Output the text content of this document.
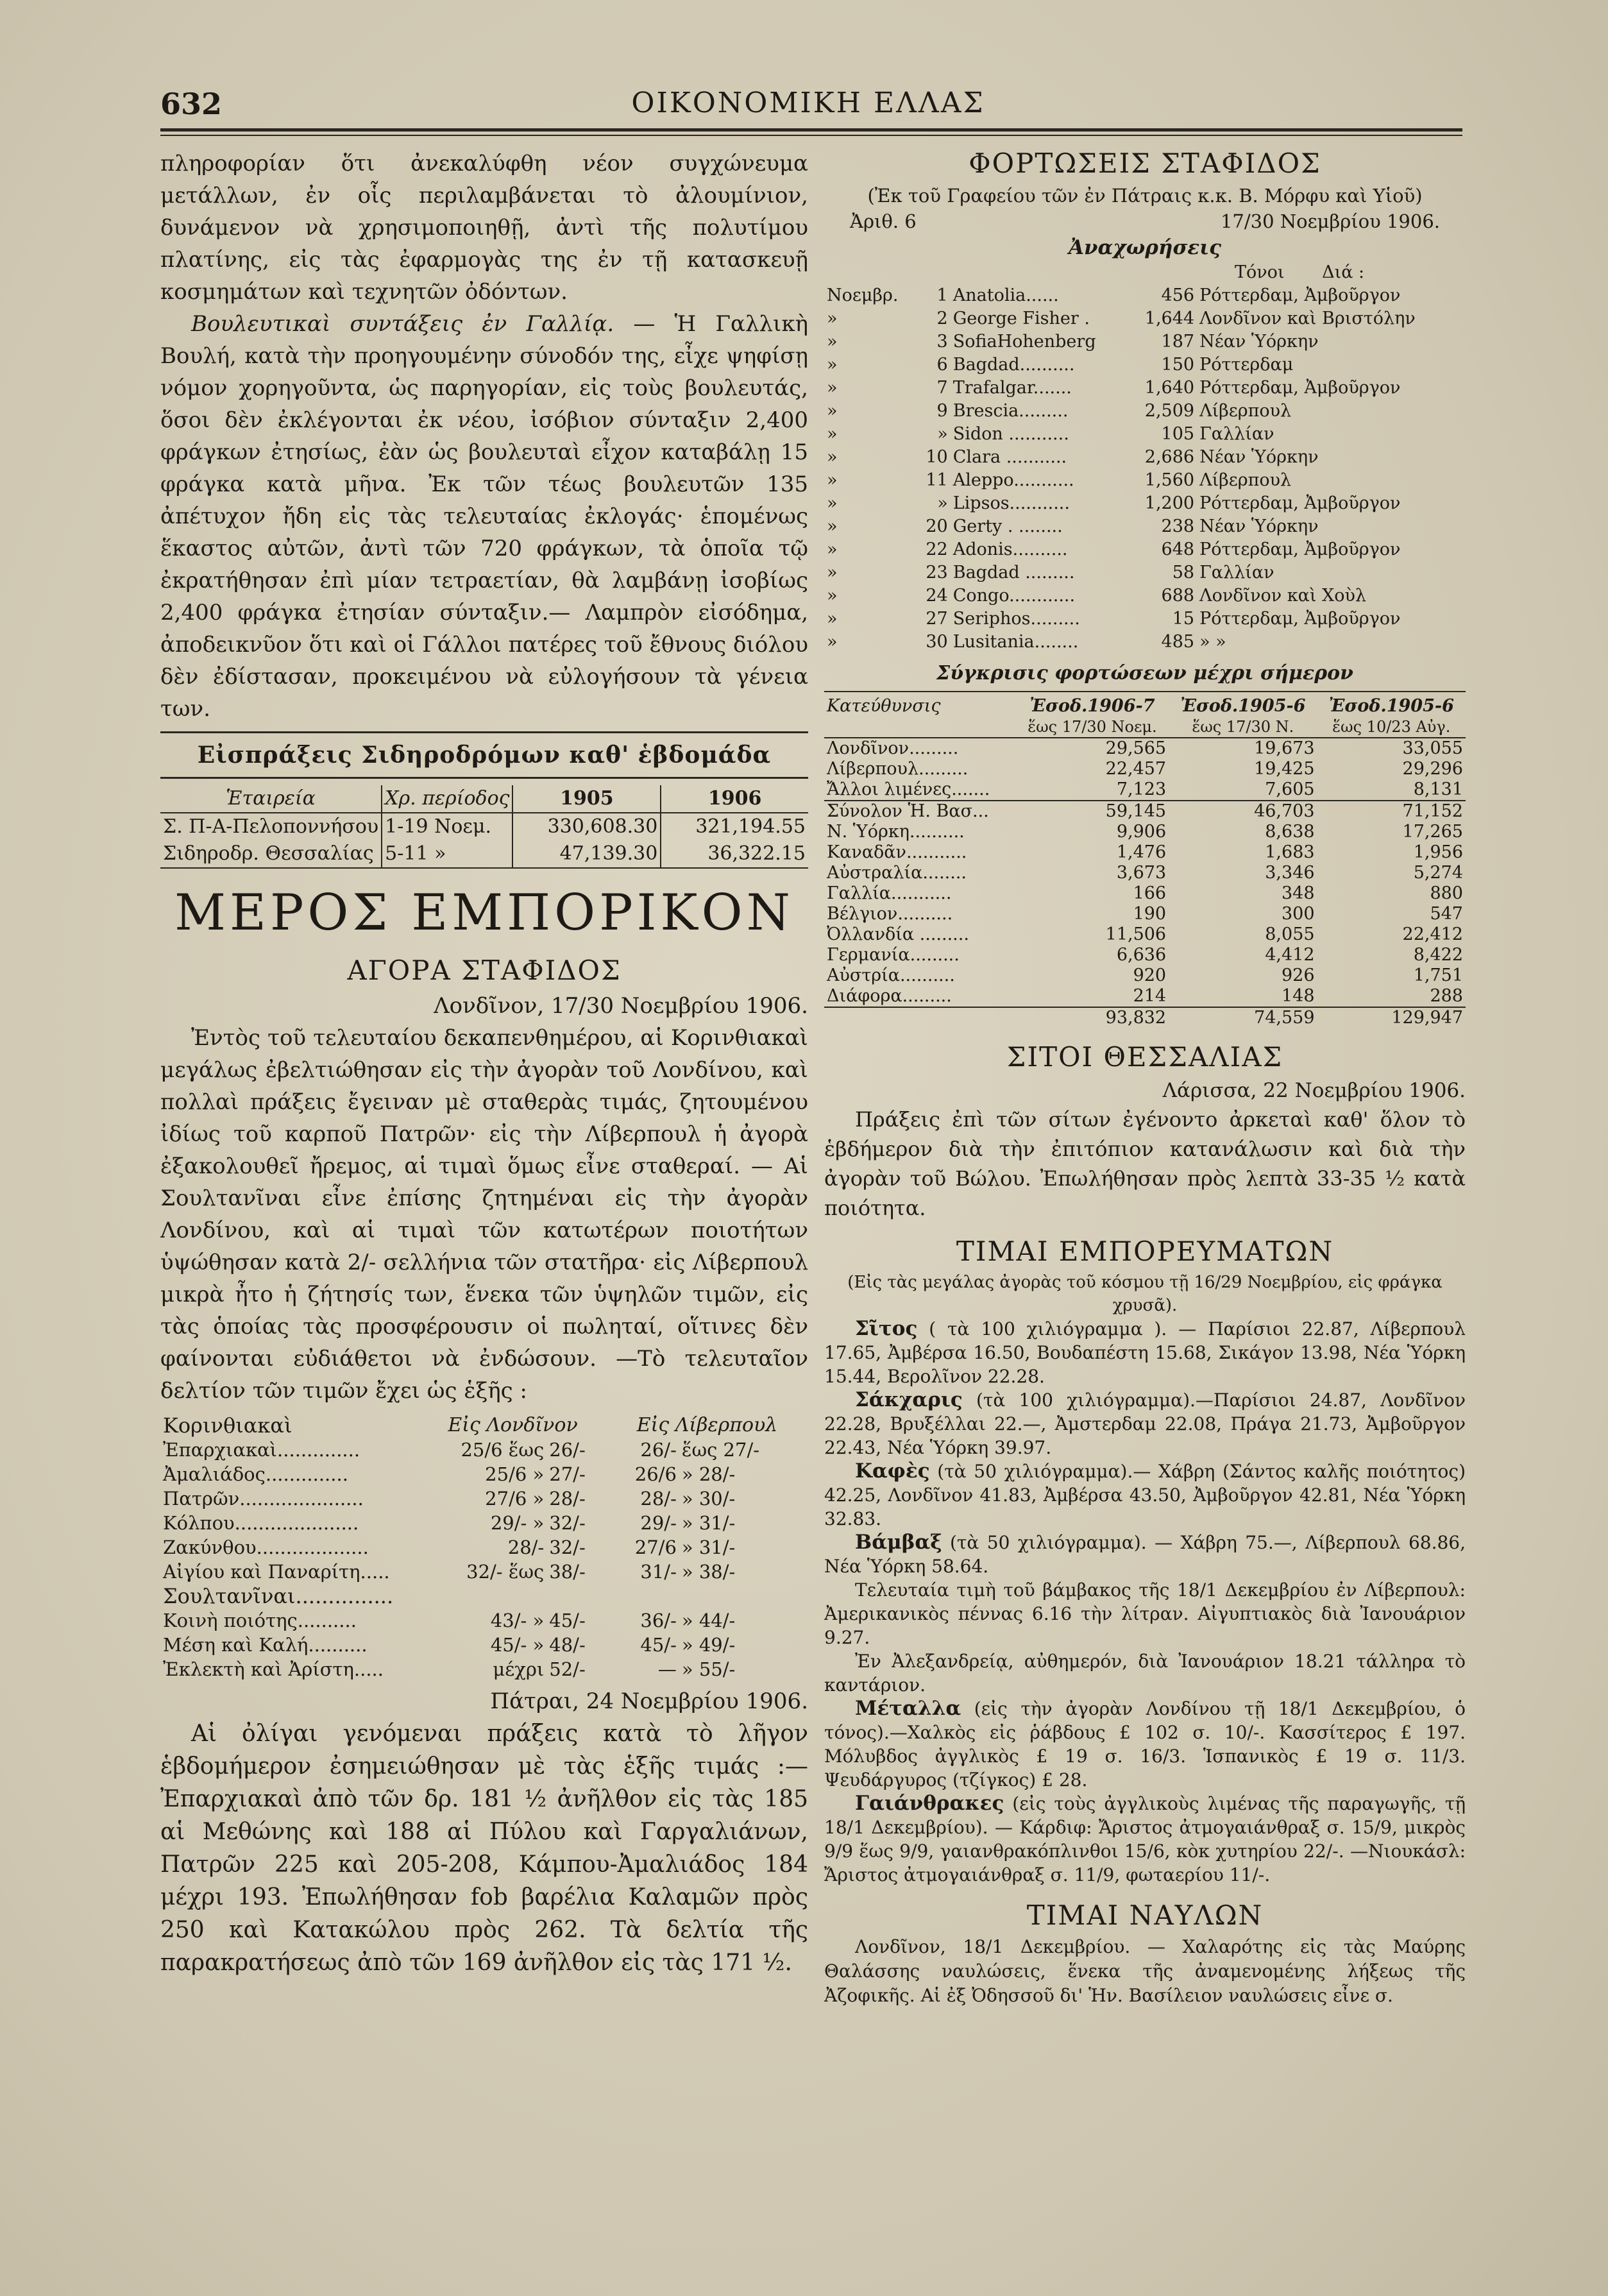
632	ΟΙΚΟΝΟΜΙΚΗ ΕΛΛΑΣ

πληροφορίαν ὅτι ἀνεκαλύφθη νέον συγχώνευμα μετάλλων, ἐν οἷς περιλαμβάνεται τὸ ἀλουμίνιον, δυνάμενον νὰ χρησιμοποιηθῇ, ἀντὶ τῆς πολυτίμου πλατίνης, εἰς τὰς ἐφαρμογὰς της ἐν τῇ κατασκευῇ κοσμημάτων καὶ τεχνητῶν ὀδόντων.

Βουλευτικαὶ συντάξεις ἐν Γαλλίᾳ. — Ἡ Γαλλικὴ Βουλή, κατὰ τὴν προηγουμένην σύνοδόν της, εἶχε ψηφίσῃ νόμον χορηγοῦντα, ὡς παρηγορίαν, εἰς τοὺς βουλευτάς, ὅσοι δὲν ἐκλέγονται ἐκ νέου, ἰσόβιον σύνταξιν 2,400 φράγκων ἐτησίως, ἐὰν ὡς βουλευταὶ εἶχον καταβάλῃ 15 φράγκα κατὰ μῆνα. Ἐκ τῶν τέως βουλευτῶν 135 ἀπέτυχον ἤδη εἰς τὰς τελευταίας ἐκλογάς· ἑπομένως ἕκαστος αὐτῶν, ἀντὶ τῶν 720 φράγκων, τὰ ὁποῖα τῷ ἐκρατήθησαν ἐπὶ μίαν τετραετίαν, θὰ λαμβάνῃ ἰσοβίως 2,400 φράγκα ἐτησίαν σύνταξιν.— Λαμπρὸν εἰσόδημα, ἀποδεικνῦον ὅτι καὶ οἱ Γάλλοι πατέρες τοῦ ἔθνους διόλου δὲν ἐδίστασαν, προκειμένου νὰ εὐλογήσουν τὰ γένεια των.

Εἰσπράξεις Σιδηροδρόμων καθ' ἑβδομάδα
Ἑταιρεία	Χρ. περίοδος	1905	1906
Σ. Π-Α-Πελοποννήσου	1-19 Νοεμ.	330,608.30	321,194.55
Σιδηροδρ. Θεσσαλίας	5-11 »	47,139.30	36,322.15
ΜΕΡΟΣ ΕΜΠΟΡΙΚΟΝ
ΑΓΟΡΑ ΣΤΑΦΙΔΟΣ

Λονδῖνον, 17/30 Νοεμβρίου 1906.

Ἐντὸς τοῦ τελευταίου δεκαπενθημέρου, αἱ Κορινθιακαὶ μεγάλως ἐβελτιώθησαν εἰς τὴν ἀγορὰν τοῦ Λονδίνου, καὶ πολλαὶ πράξεις ἔγειναν μὲ σταθερὰς τιμάς, ζητουμένου ἰδίως τοῦ καρποῦ Πατρῶν· εἰς τὴν Λίβερπουλ ἡ ἀγορὰ ἐξακολουθεῖ ἤρεμος, αἱ τιμαὶ ὅμως εἶνε σταθεραί. — Αἱ Σουλτανῖναι εἶνε ἐπίσης ζητημέναι εἰς τὴν ἀγορὰν Λονδίνου, καὶ αἱ τιμαὶ τῶν κατωτέρων ποιοτήτων ὑψώθησαν κατὰ 2/- σελλήνια τῶν στατῆρα· εἰς Λίβερπουλ μικρὰ ἦτο ἡ ζήτησίς των, ἕνεκα τῶν ὑψηλῶν τιμῶν, εἰς τὰς ὁποίας τὰς προσφέρουσιν οἱ πωληταί, οἵτινες δὲν φαίνονται εὐδιάθετοι νὰ ἐνδώσουν. —Τὸ τελευταῖον δελτίον τῶν τιμῶν ἔχει ὡς ἑξῆς :

Κορινθιακαὶ	Εἰς Λονδῖνον		Εἰς Λίβερπουλ	
Ἐπαρχιακαὶ..............	25/6 ἕως	26/-	26/-	ἕως 27/-
Ἀμαλιάδος..............	25/6 »	27/-	26/6	» 28/-
Πατρῶν.....................	27/6 »	28/-	28/-	» 30/-
Κόλπου.....................	29/- »	32/-	29/-	» 31/-
Ζακύνθου...................	28/-	32/-	27/6	» 31/-
Αἰγίου καὶ Παναρίτη.....	32/- ἕως	38/-	31/-	» 38/-
Σουλτανῖναι...............				
Κοινὴ ποιότης..........	43/- »	45/-	36/-	» 44/-
Μέση καὶ Καλή..........	45/- »	48/-	45/-	» 49/-
Ἐκλεκτὴ καὶ Ἀρίστη.....	μέχρι	52/-	—	» 55/-

Πάτραι, 24 Νοεμβρίου 1906.

Αἱ ὀλίγαι γενόμεναι πράξεις κατὰ τὸ λῆγον ἑβδομήμερον ἐσημειώθησαν μὲ τὰς ἑξῆς τιμάς :— Ἐπαρχιακαὶ ἀπὸ τῶν δρ. 181 ½ ἀνῆλθον εἰς τὰς 185 αἱ Μεθώνης καὶ 188 αἱ Πύλου καὶ Γαργαλιάνων, Πατρῶν 225 καὶ 205-208, Κάμπου-Ἀμαλιάδος 184 μέχρι 193. Ἐπωλήθησαν fob βαρέλια Καλαμῶν πρὸς 250 καὶ Κατακώλου πρὸς 262. Τὰ δελτία τῆς παρακρατήσεως ἀπὸ τῶν 169 ἀνῆλθον εἰς τὰς 171 ½.

ΦΟΡΤΩΣΕΙΣ ΣΤΑΦΙΔΟΣ
(Ἐκ τοῦ Γραφείου τῶν ἐν Πάτραις κ.κ. Β. Μόρφυ καὶ Υἱοῦ)
Ἀριθ. 6	17/30 Νοεμβρίου 1906.
Ἀναχωρήσεις
Τόνοι Διά :
Νοεμβρ.	1	Anatolia......	456	Ρόττερδαμ, Ἀμβοῦργον
»	2	George Fisher .	1,644	Λονδῖνον καὶ Βριστόλην
»	3	SofiaHohenberg	187	Νέαν Ὑόρκην
»	6	Bagdad..........	150	Ρόττερδαμ
»	7	Trafalgar.......	1,640	Ρόττερδαμ, Ἀμβοῦργον
»	9	Brescia.........	2,509	Λίβερπουλ
»	»	Sidon ...........	105	Γαλλίαν
»	10	Clara ...........	2,686	Νέαν Ὑόρκην
»	11	Aleppo...........	1,560	Λίβερπουλ
»	»	Lipsos...........	1,200	Ρόττερδαμ, Ἀμβοῦργον
»	20	Gerty . ........	238	Νέαν Ὑόρκην
»	22	Adonis..........	648	Ρόττερδαμ, Ἀμβοῦργον
»	23	Bagdad .........	58	Γαλλίαν
»	24	Congo............	688	Λονδῖνον καὶ Χοὺλ
»	27	Seriphos.........	15	Ρόττερδαμ, Ἀμβοῦργον
»	30	Lusitania........	485	» »
Σύγκρισις φορτώσεων μέχρι σήμερον
Κατεύθυνσις	Ἐσοδ.1906-7	Ἐσοδ.1905-6	Ἐσοδ.1905-6
	ἕως 17/30 Νοεμ.	ἕως 17/30 Ν.	ἕως 10/23 Αὐγ.
Λονδῖνον.........	29,565	19,673	33,055
Λίβερπουλ.........	22,457	19,425	29,296
Ἄλλοι λιμένες.......	7,123	7,605	8,131
Σύνολον Ἡ. Βασ...	59,145	46,703	71,152
Ν. Ὑόρκη..........	9,906	8,638	17,265
Καναδᾶν...........	1,476	1,683	1,956
Αὐστραλία........	3,673	3,346	5,274
Γαλλία...........	166	348	880
Βέλγιον..........	190	300	547
Ὀλλανδία .........	11,506	8,055	22,412
Γερμανία.........	6,636	4,412	8,422
Αὐστρία..........	920	926	1,751
Διάφορα.........	214	148	288
	93,832	74,559	129,947
ΣΙΤΟΙ ΘΕΣΣΑΛΙΑΣ

Λάρισσα, 22 Νοεμβρίου 1906.

Πράξεις ἐπὶ τῶν σίτων ἐγένοντο ἀρκεταὶ καθ' ὅλον τὸ ἑβδήμερον διὰ τὴν ἐπιτόπιον κατανάλωσιν καὶ διὰ τὴν ἀγορὰν τοῦ Βώλου. Ἐπωλήθησαν πρὸς λεπτὰ 33-35 ½ κατὰ ποιότητα.

ΤΙΜΑΙ ΕΜΠΟΡΕΥΜΑΤΩΝ
(Εἰς τὰς μεγάλας ἀγορὰς τοῦ κόσμου τῇ 16/29 Νοεμβρίου, εἰς φράγκα χρυσᾶ).

Σῖτος ( τὰ 100 χιλιόγραμμα ). — Παρίσιοι 22.87, Λίβερπουλ 17.65, Ἀμβέρσα 16.50, Βουδαπέστη 15.68, Σικάγον 13.98, Νέα Ὑόρκη 15.44, Βερολῖνον 22.28.

Σάκχαρις (τὰ 100 χιλιόγραμμα).—Παρίσιοι 24.87, Λονδῖνον 22.28, Βρυξέλλαι 22.—, Ἀμστερδαμ 22.08, Πράγα 21.73, Ἀμβοῦργον 22.43, Νέα Ὑόρκη 39.97.

Καφὲς (τὰ 50 χιλιόγραμμα).— Χάβρη (Σάντος καλῆς ποιότητος) 42.25, Λονδῖνον 41.83, Ἀμβέρσα 43.50, Ἀμβοῦργον 42.81, Νέα Ὑόρκη 32.83.

Βάμβαξ (τὰ 50 χιλιόγραμμα). — Χάβρη 75.—, Λίβερπουλ 68.86, Νέα Ὑόρκη 58.64.

Τελευταία τιμὴ τοῦ βάμβακος τῆς 18/1 Δεκεμβρίου ἐν Λίβερπουλ: Ἀμερικανικὸς πέννας 6.16 τὴν λίτραν. Αἰγυπτιακὸς διὰ Ἰανουάριον 9.27.

Ἐν Ἀλεξανδρείᾳ, αὐθημερόν, διὰ Ἰανουάριον 18.21 τάλληρα τὸ καντάριον.

Μέταλλα (εἰς τὴν ἀγορὰν Λονδίνου τῇ 18/1 Δεκεμβρίου, ὁ τόνος).—Χαλκὸς εἰς ῥάβδους £ 102 σ. 10/-. Κασσίτερος £ 197. Μόλυβδος ἀγγλικὸς £ 19 σ. 16/3. Ἱσπανικὸς £ 19 σ. 11/3. Ψευδάργυρος (τζίγκος) £ 28.

Γαιάνθρακες (εἰς τοὺς ἀγγλικοὺς λιμένας τῆς παραγωγῆς, τῇ 18/1 Δεκεμβρίου). — Κάρδιφ: Ἄριστος ἀτμογαιάνθραξ σ. 15/9, μικρὸς 9/9 ἕως 9/9, γαιανθρακόπλινθοι 15/6, κὸκ χυτηρίου 22/-. —Νιουκάσλ: Ἄριστος ἀτμογαιάνθραξ σ. 11/9, φωταερίου 11/-.

ΤΙΜΑΙ ΝΑΥΛΩΝ

Λονδῖνον, 18/1 Δεκεμβρίου. — Χαλαρότης εἰς τὰς Μαύρης Θαλάσσης ναυλώσεις, ἕνεκα τῆς ἀναμενομένης λήξεως τῆς Ἀζοφικῆς. Αἱ ἐξ Ὀδησσοῦ δι' Ἡν. Βασίλειον ναυλώσεις εἶνε σ.
